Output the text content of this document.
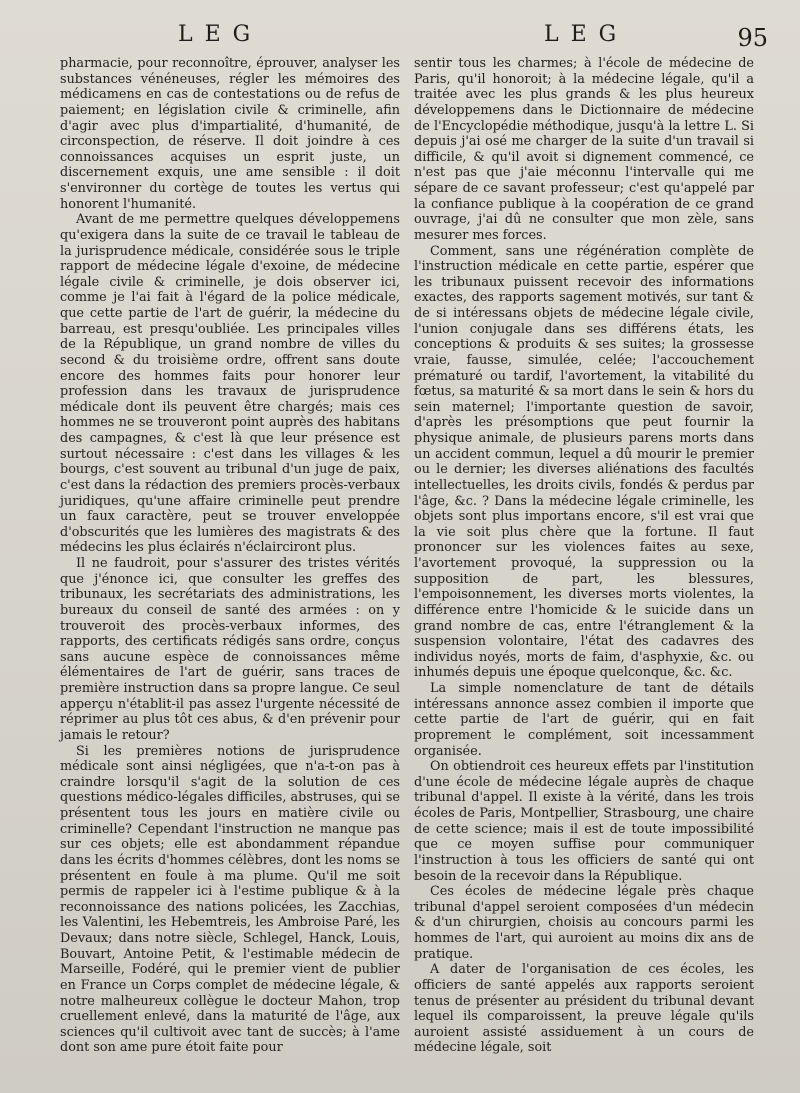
LEG	LEG	95

pharmacie, pour reconnoître, éprouver, analyser les substances vénéneuses, régler les mémoires des médicamens en cas de contestations ou de refus de paiement; en législation civile & criminelle, afin d'agir avec plus d'impartialité, d'humanité, de circonspection, de réserve. Il doit joindre à ces connoissances acquises un esprit juste, un discernement exquis, une ame sensible : il doit s'environner du cortège de toutes les vertus qui honorent l'humanité.

Avant de me permettre quelques développemens qu'exigera dans la suite de ce travail le tableau de la jurisprudence médicale, considérée sous le triple rapport de médecine légale d'exoine, de médecine légale civile & criminelle, je dois observer ici, comme je l'ai fait à l'égard de la police médicale, que cette partie de l'art de guérir, la médecine du barreau, est presqu'oubliée. Les principales villes de la République, un grand nombre de villes du second & du troisième ordre, offrent sans doute encore des hommes faits pour honorer leur profession dans les travaux de jurisprudence médicale dont ils peuvent être chargés; mais ces hommes ne se trouveront point auprès des habitans des campagnes, & c'est là que leur présence est surtout nécessaire : c'est dans les villages & les bourgs, c'est souvent au tribunal d'un juge de paix, c'est dans la rédaction des premiers procès-verbaux juridiques, qu'une affaire criminelle peut prendre un faux caractère, peut se trouver enveloppée d'obscurités que les lumières des magistrats & des médecins les plus éclairés n'éclairciront plus.

Il ne faudroit, pour s'assurer des tristes vérités que j'énonce ici, que consulter les greffes des tribunaux, les secrétariats des administrations, les bureaux du conseil de santé des armées : on y trouveroit des procès-verbaux informes, des rapports, des certificats rédigés sans ordre, conçus sans aucune espèce de connoissances même élémentaires de l'art de guérir, sans traces de première instruction dans sa propre langue. Ce seul apperçu n'établit-il pas assez l'urgente nécessité de réprimer au plus tôt ces abus, & d'en prévenir pour jamais le retour?

Si les premières notions de jurisprudence médicale sont ainsi négligées, que n'a-t-on pas à craindre lorsqu'il s'agit de la solution de ces questions médico-légales difficiles, abstruses, qui se présentent tous les jours en matière civile ou criminelle? Cependant l'instruction ne manque pas sur ces objets; elle est abondamment répandue dans les écrits d'hommes célèbres, dont les noms se présentent en foule à ma plume. Qu'il me soit permis de rappeler ici à l'estime publique & à la reconnoissance des nations policées, les Zacchias, les Valentini, les Hebemtreis, les Ambroise Paré, les Devaux; dans notre siècle, Schlegel, Hanck, Louis, Bouvart, Antoine Petit, & l'estimable médecin de Marseille, Fodéré, qui le premier vient de publier en France un Corps complet de médecine légale, & notre malheureux collègue le docteur Mahon, trop cruellement enlevé, dans la maturité de l'âge, aux sciences qu'il cultivoit avec tant de succès; à l'ame dont son ame pure étoit faite pour

sentir tous les charmes; à l'école de médecine de Paris, qu'il honoroit; à la médecine légale, qu'il a traitée avec les plus grands & les plus heureux développemens dans le Dictionnaire de médecine de l'Encyclopédie méthodique, jusqu'à la lettre L. Si depuis j'ai osé me charger de la suite d'un travail si difficile, & qu'il avoit si dignement commencé, ce n'est pas que j'aie méconnu l'intervalle qui me sépare de ce savant professeur; c'est qu'appelé par la confiance publique à la coopération de ce grand ouvrage, j'ai dû ne consulter que mon zèle, sans mesurer mes forces.

Comment, sans une régénération complète de l'instruction médicale en cette partie, espérer que les tribunaux puissent recevoir des informations exactes, des rapports sagement motivés, sur tant & de si intéressans objets de médecine légale civile, l'union conjugale dans ses différens états, les conceptions & produits & ses suites; la grossesse vraie, fausse, simulée, celée; l'accouchement prématuré ou tardif, l'avortement, la vitabilité du fœtus, sa maturité & sa mort dans le sein & hors du sein maternel; l'importante question de savoir, d'après les présomptions que peut fournir la physique animale, de plusieurs parens morts dans un accident commun, lequel a dû mourir le premier ou le dernier; les diverses aliénations des facultés intellectuelles, les droits civils, fondés & perdus par l'âge, &c. ? Dans la médecine légale criminelle, les objets sont plus importans encore, s'il est vrai que la vie soit plus chère que la fortune. Il faut prononcer sur les violences faites au sexe, l'avortement provoqué, la suppression ou la supposition de part, les blessures, l'empoisonnement, les diverses morts violentes, la différence entre l'homicide & le suicide dans un grand nombre de cas, entre l'étranglement & la suspension volontaire, l'état des cadavres des individus noyés, morts de faim, d'asphyxie, &c. ou inhumés depuis une époque quelconque, &c. &c.

La simple nomenclature de tant de détails intéressans annonce assez combien il importe que cette partie de l'art de guérir, qui en fait proprement le complément, soit incessamment organisée.

On obtiendroit ces heureux effets par l'institution d'une école de médecine légale auprès de chaque tribunal d'appel. Il existe à la vérité, dans les trois écoles de Paris, Montpellier, Strasbourg, une chaire de cette science; mais il est de toute impossibilité que ce moyen suffise pour communiquer l'instruction à tous les officiers de santé qui ont besoin de la recevoir dans la République.

Ces écoles de médecine légale près chaque tribunal d'appel seroient composées d'un médecin & d'un chirurgien, choisis au concours parmi les hommes de l'art, qui auroient au moins dix ans de pratique.

A dater de l'organisation de ces écoles, les officiers de santé appelés aux rapports seroient tenus de présenter au président du tribunal devant lequel ils comparoissent, la preuve légale qu'ils auroient assisté assiduement à un cours de médecine légale, soit
